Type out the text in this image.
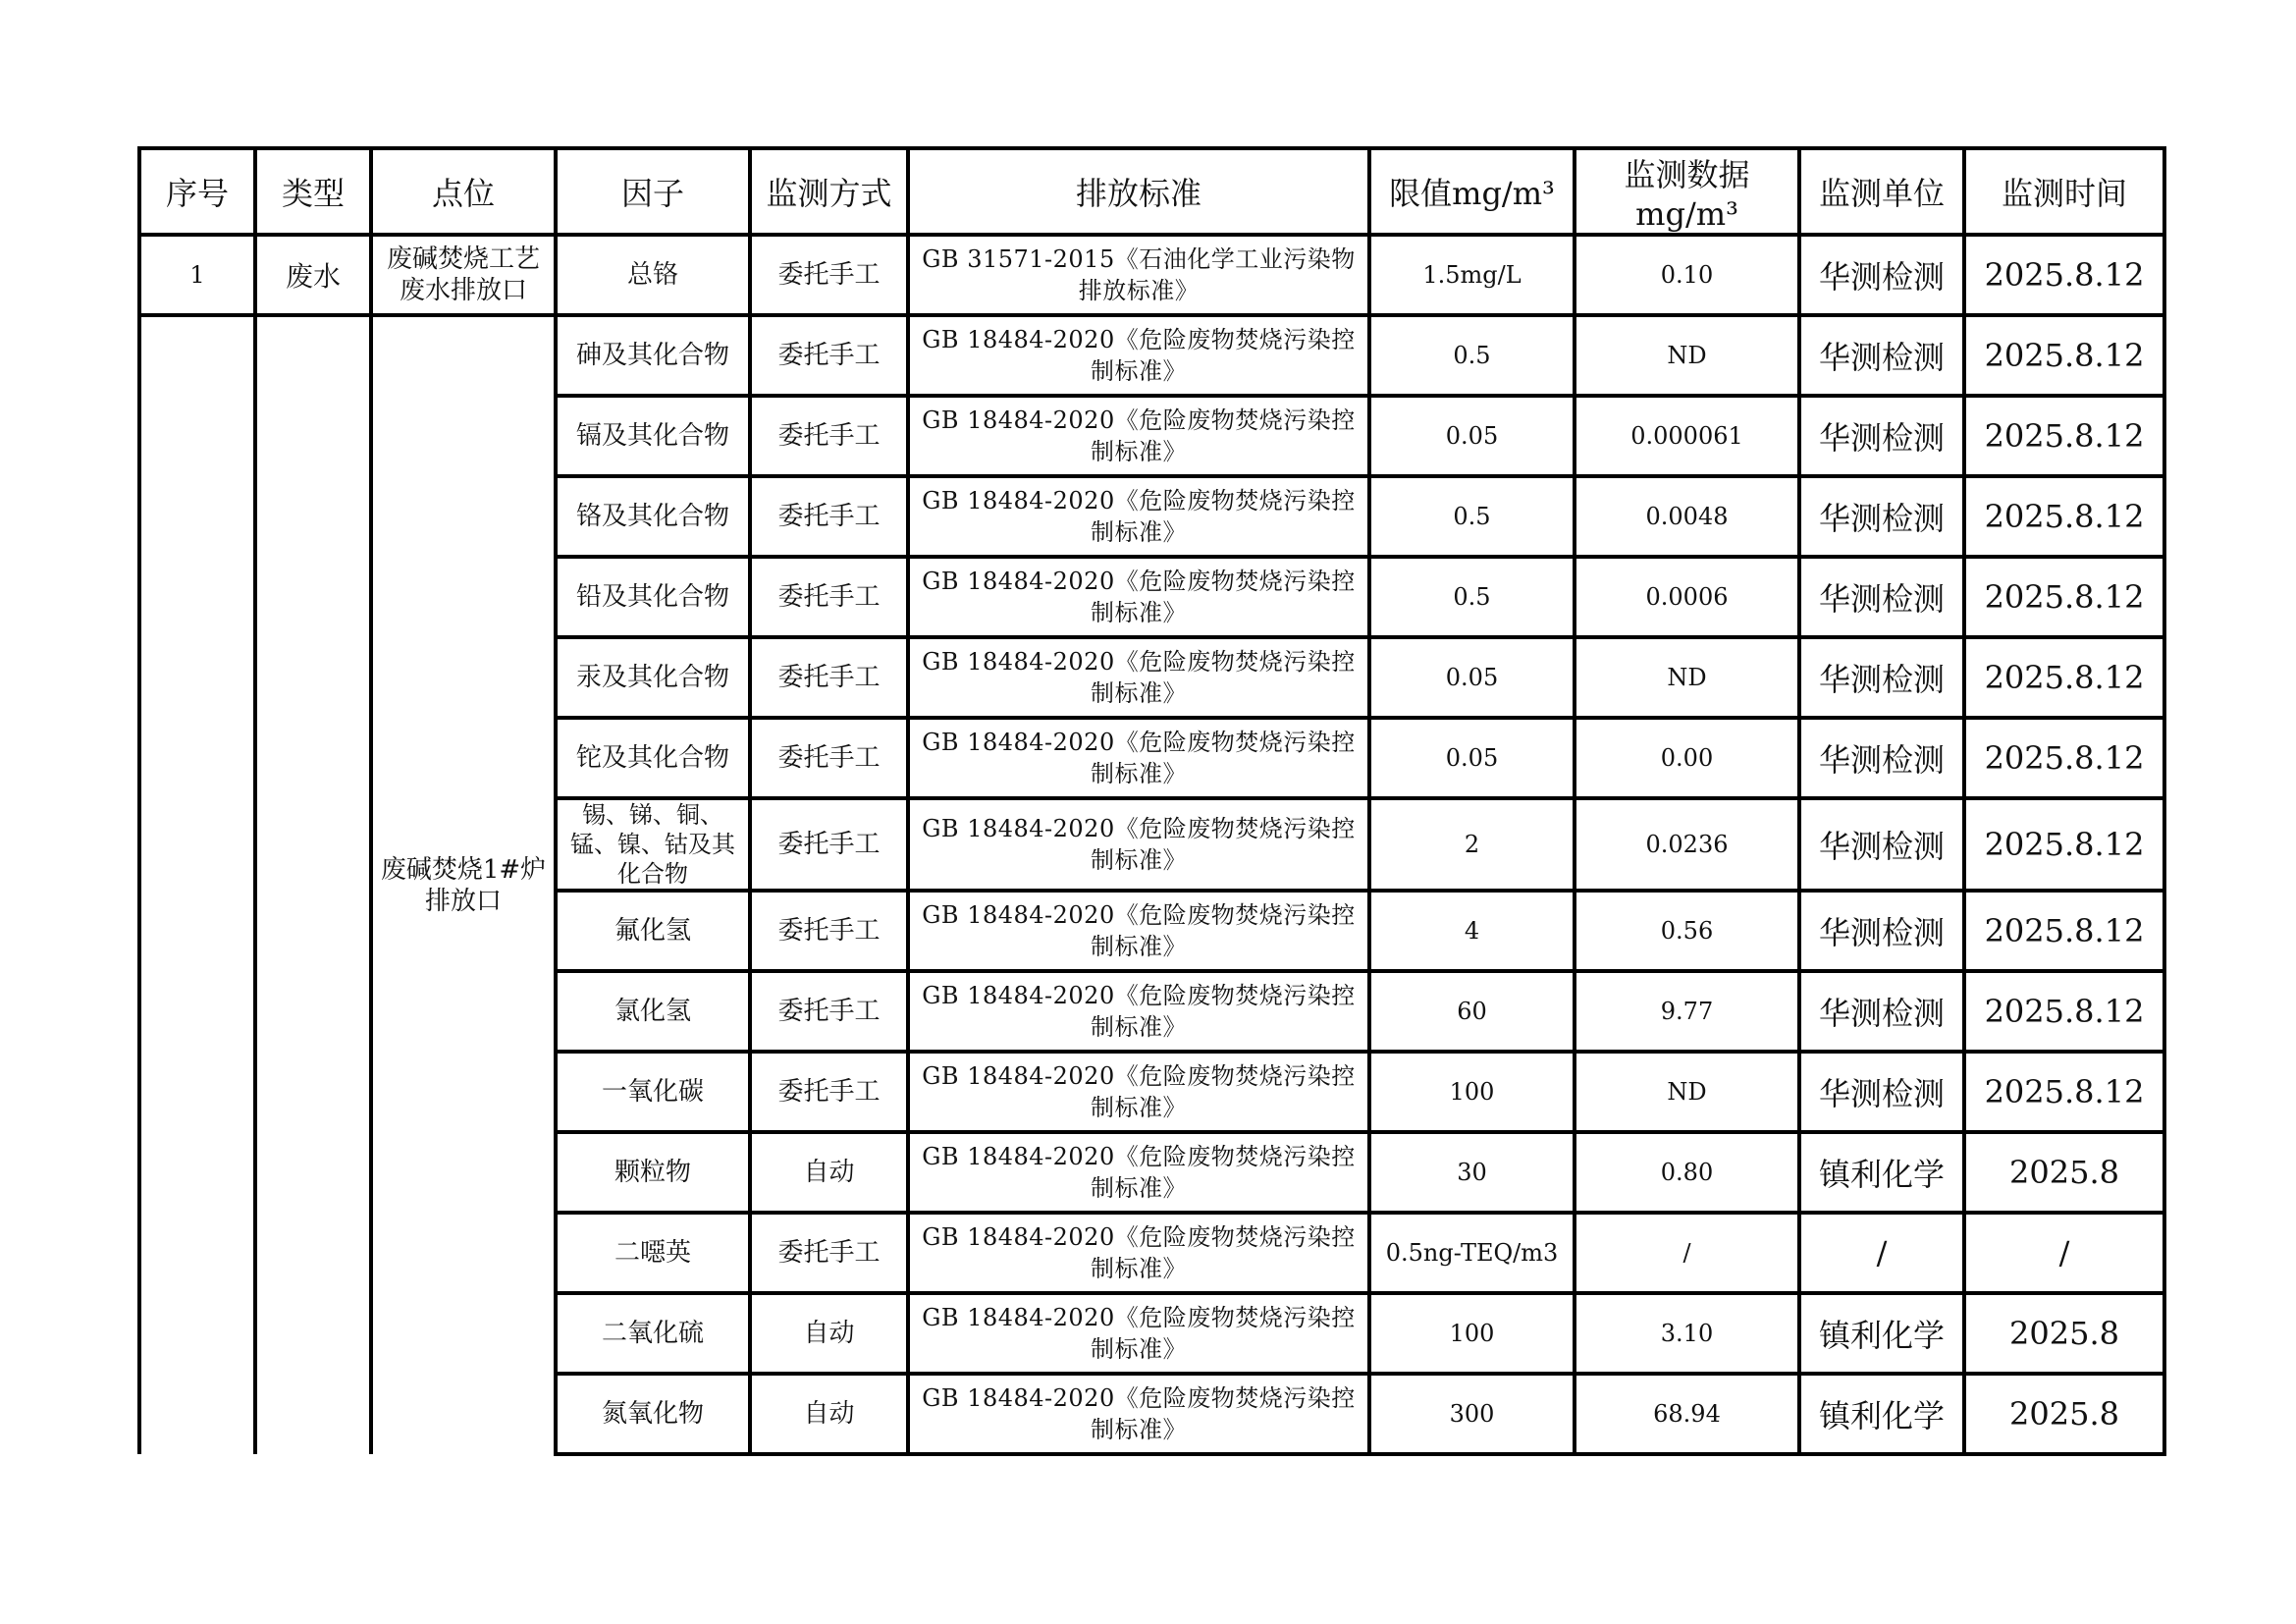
序号	类型	点位	因子	监测方式	排放标准	限值mg/m³	监测数据mg/m³	监测单位	监测时间
1	废水	废碱焚烧工艺废水排放口	总铬	委托手工	GB 31571-2015《石油化学工业污染物排放标准》	1.5mg/L	0.10	华测检测	2025.8.12
		废碱焚烧1#炉排放口	砷及其化合物	委托手工	GB 18484-2020《危险废物焚烧污染控制标准》	0.5	ND	华测检测	2025.8.12
			镉及其化合物	委托手工	GB 18484-2020《危险废物焚烧污染控制标准》	0.05	0.000061	华测检测	2025.8.12
			铬及其化合物	委托手工	GB 18484-2020《危险废物焚烧污染控制标准》	0.5	0.0048	华测检测	2025.8.12
			铅及其化合物	委托手工	GB 18484-2020《危险废物焚烧污染控制标准》	0.5	0.0006	华测检测	2025.8.12
			汞及其化合物	委托手工	GB 18484-2020《危险废物焚烧污染控制标准》	0.05	ND	华测检测	2025.8.12
			铊及其化合物	委托手工	GB 18484-2020《危险废物焚烧污染控制标准》	0.05	0.00	华测检测	2025.8.12
			锡、锑、铜、锰、镍、钴及其化合物	委托手工	GB 18484-2020《危险废物焚烧污染控制标准》	2	0.0236	华测检测	2025.8.12
			氟化氢	委托手工	GB 18484-2020《危险废物焚烧污染控制标准》	4	0.56	华测检测	2025.8.12
			氯化氢	委托手工	GB 18484-2020《危险废物焚烧污染控制标准》	60	9.77	华测检测	2025.8.12
			一氧化碳	委托手工	GB 18484-2020《危险废物焚烧污染控制标准》	100	ND	华测检测	2025.8.12
			颗粒物	自动	GB 18484-2020《危险废物焚烧污染控制标准》	30	0.80	镇利化学	2025.8
			二噁英	委托手工	GB 18484-2020《危险废物焚烧污染控制标准》	0.5ng-TEQ/m3	/	/	/
			二氧化硫	自动	GB 18484-2020《危险废物焚烧污染控制标准》	100	3.10	镇利化学	2025.8
			氮氧化物	自动	GB 18484-2020《危险废物焚烧污染控制标准》	300	68.94	镇利化学	2025.8
